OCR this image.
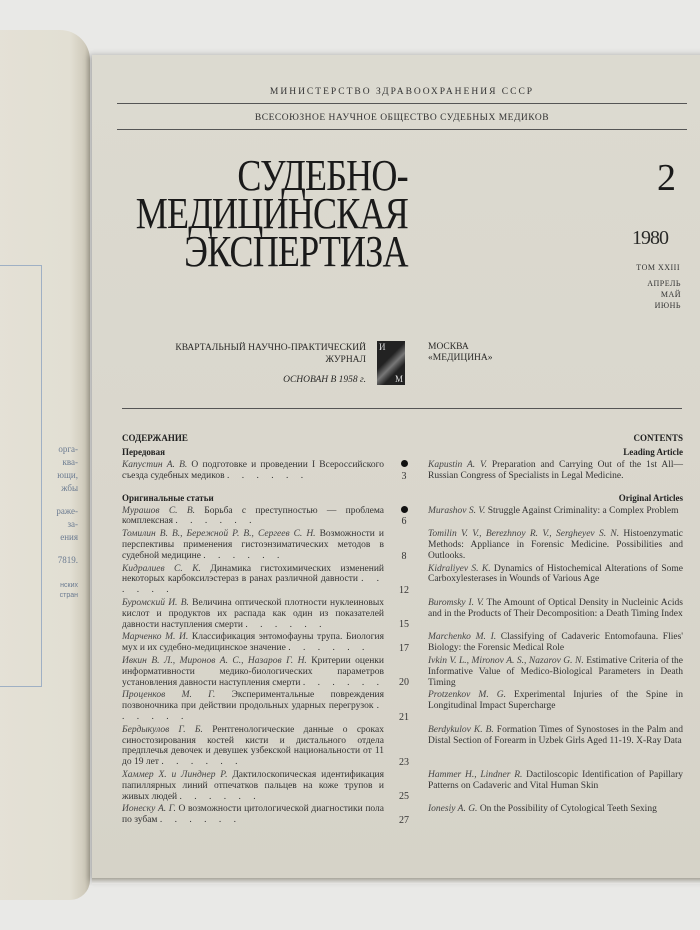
орга-
ква-
ющи,
жбы
раже-
за-
ения
7819.
нских
стран
МИНИСТЕРСТВО ЗДРАВООХРАНЕНИЯ СССР
ВСЕСОЮЗНОЕ НАУЧНОЕ ОБЩЕСТВО СУДЕБНЫХ МЕДИКОВ
СУДЕБНО-
МЕДИЦИНСКАЯ
ЭКСПЕРТИЗА
2
1980
ТОМ XXIII
АПРЕЛЬ
МАЙ
ИЮНЬ
КВАРТАЛЬНЫЙ НАУЧНО-ПРАКТИЧЕСКИЙ
ЖУРНАЛ
ОСНОВАН В 1958 г.
И
М
МОСКВА
«МЕДИЦИНА»
СОДЕРЖАНИЕ	CONTENTS
Передовая	Leading Article
Капустин А. В. О подготовке и проведении I Всероссийского съезда судебных медиков . . . . . .	3
Kapustin A. V. Preparation and Carrying Out of the 1st All—Russian Congress of Specialists in Legal Medicine.
Оригинальные статьи	Original Articles
Мурашов С. В. Борьба с преступностью — проблема комплексная . . . . . .	6
Murashov S. V. Struggle Against Criminality: a Complex Problem
Томилин В. В., Бережной Р. В., Сергеев С. Н. Возможности и перспективы применения гистоэнзиматических методов в судебной медицине . . . . . .	8
Tomilin V. V., Berezhnoy R. V., Sergheyev S. N. Histoenzymatic Methods: Appliance in Forensic Medicine. Possibilities and Outlooks.
Кидралиев С. К. Динамика гистохимических изменений некоторых карбоксилэстераз в ранах различной давности . . . . . .	12
Kidraliyev S. K. Dynamics of Histochemical Alterations of Some Carboxylesterases in Wounds of Various Age
Буромский И. В. Величина оптической плотности нуклеиновых кислот и продуктов их распада как один из показателей давности наступления смерти . . . . . .	15
Buromsky I. V. The Amount of Optical Density in Nucleinic Acids and in the Products of Their Decomposition: a Death Timing Index
Марченко М. И. Классификация энтомофауны трупа. Биология мух и их судебно-медицинское значение . . . . . .	17
Marchenko M. I. Classifying of Cadaveric Entomofauna. Flies' Biology: the Forensic Medical Role
Ивкин В. Л., Миронов А. С., Назаров Г. Н. Критерии оценки информативности медико-биологических параметров установления давности наступления смерти . . . . . . 20
Ivkin V. L., Mironov A. S., Nazarov G. N. Estimative Criteria of the Informative Value of Medico-Biological Parameters in Death Timing
Проценков М. Г. Экспериментальные повреждения позвоночника при действии продольных ударных перегрузок . . . . . .	21
Protzenkov M. G. Experimental Injuries of the Spine in Longitudinal Impact Supercharge
Бердыкулов Г. Б. Рентгенологические данные о сроках синостозирования костей кисти и дистального отдела предплечья девочек и девушек узбекской национальности от 11 до 19 лет . . . . . .	23
Berdykulov K. B. Formation Times of Synostoses in the Palm and Distal Section of Forearm in Uzbek Girls Aged 11-19. X-Ray Data
Хаммер Х. и Линднер Р. Дактилоскопическая идентификация папиллярных линий отпечатков пальцев на коже трупов и живых людей . . . . . .	25
Hammer H., Lindner R. Dactiloscopic Identification of Papillary Patterns on Cadaveric and Vital Human Skin
Ионеску А. Г. О возможности цитологической диагностики пола по зубам . . . . . .	27
Ionesiy A. G. On the Possibility of Cytological Teeth Sexing
